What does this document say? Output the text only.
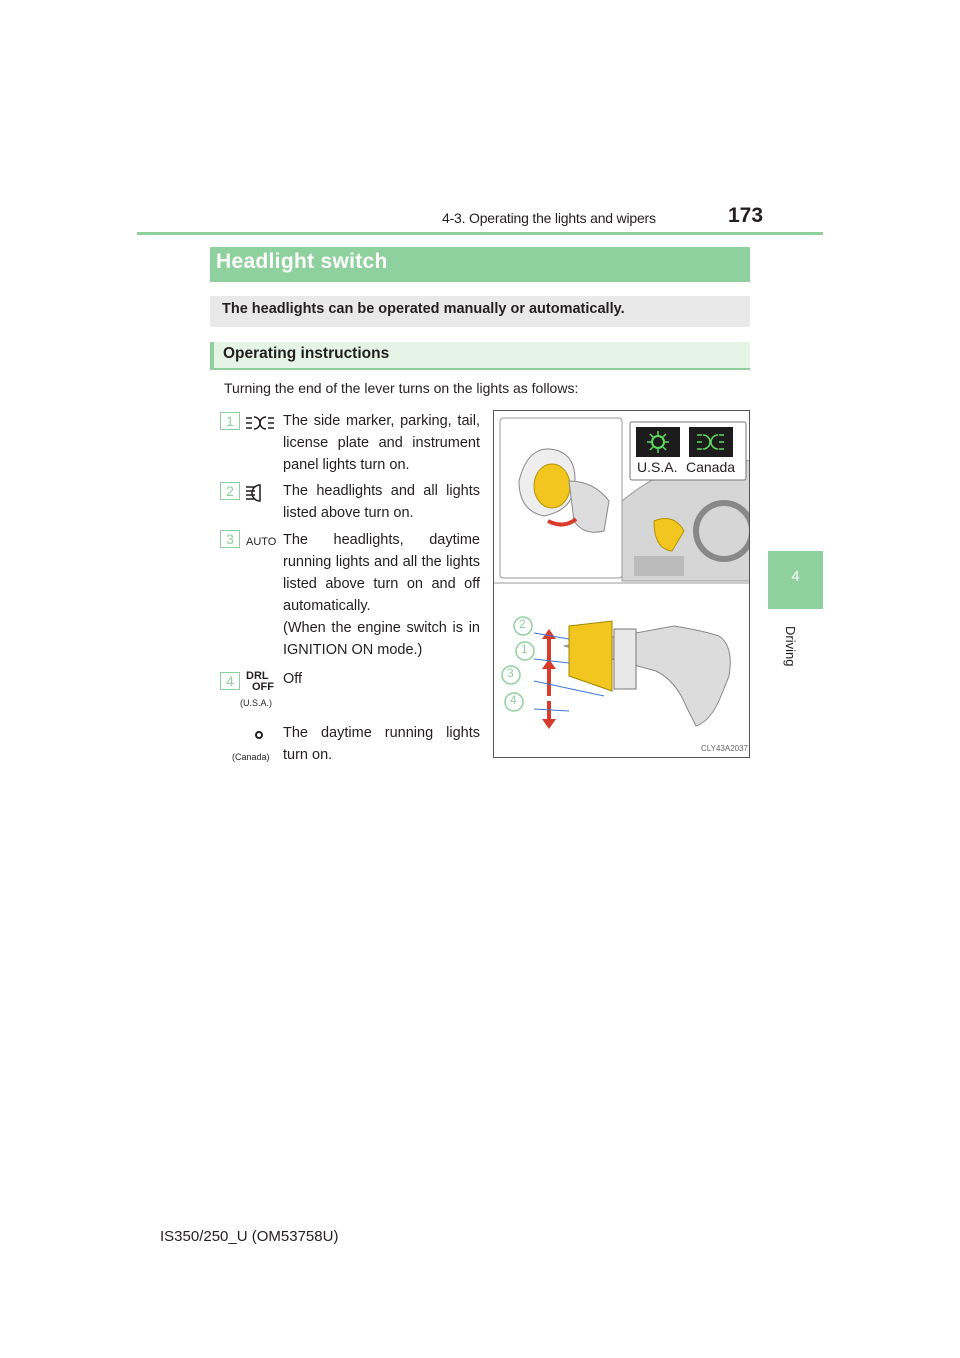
4-3. Operating the lights and wipers	173
4
Driving
Headlight switch
The headlights can be operated manually or automatically.
Operating instructions
Turning the end of the lever turns on the lights as follows:
1	The side marker, parking, tail, license plate and instrument panel lights turn on.
2	The headlights and all lights listed above turn on.
3	AUTO The headlights, daytime running lights and all the lights listed above turn on and off automatically.
(When the engine switch is in IGNITION ON mode.)
4	DRL
OFF
(U.S.A.)
Off
(Canada)
The daytime running lights turn on.
U.S.A. Canada
2
1
3
4
CLY43A2037
IS350/250_U (OM53758U)
